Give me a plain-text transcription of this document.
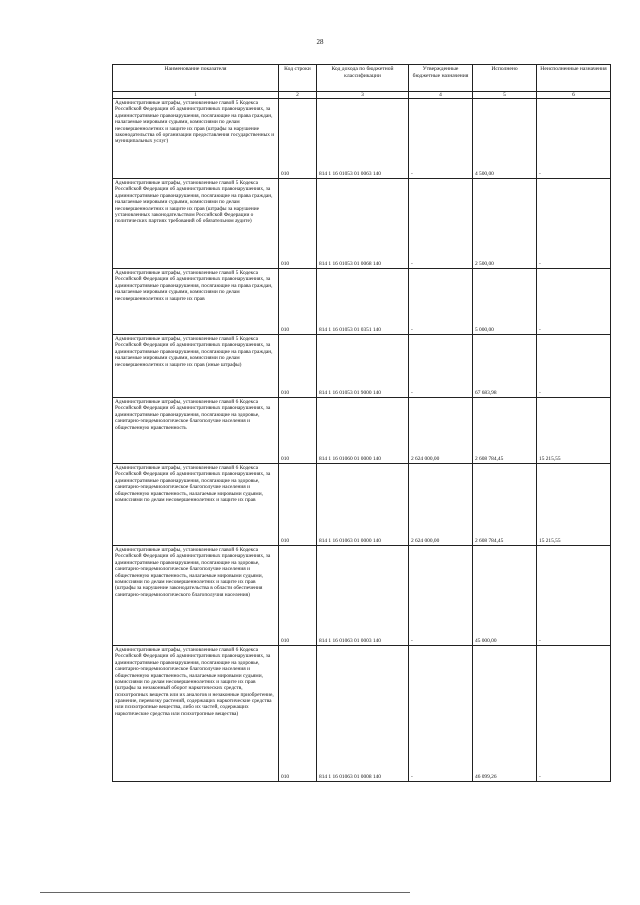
28
Наименование показателя	Код строки	Код дохода по бюджетной классификации	Утвержденные бюджетные назначения	Исполнено	Неисполненные назначения
1	2	3	4	5	6

Административные штрафы, установленные главой 5 Кодекса Российской Федерации об административных правонарушениях, за административные правонарушения, посягающие на права граждан, налагаемые мировыми судьями, комиссиями по делам несовершеннолетних и защите их прав (штрафы за нарушение законодательства об организации предоставления государственных и муниципальных услуг)	010	814 1 16 01053 01 0063 140	-	4 500,00	-

Административные штрафы, установленные главой 5 Кодекса Российской Федерации об административных правонарушениях, за административные правонарушения, посягающие на права граждан, налагаемые мировыми судьями, комиссиями по делам несовершеннолетних и защите их прав (штрафы за нарушение установленных законодательством Российской Федерации о политических партиях требований об обязательном аудите)	010	814 1 16 01053 01 0068 140	-	2 500,00	-

Административные штрафы, установленные главой 5 Кодекса Российской Федерации об административных правонарушениях, за административные правонарушения, посягающие на права граждан, налагаемые мировыми судьями, комиссиями по делам несовершеннолетних и защите их прав	010	814 1 16 01053 01 0351 140	-	5 000,00	-

Административные штрафы, установленные главой 5 Кодекса Российской Федерации об административных правонарушениях, за административные правонарушения, посягающие на права граждан, налагаемые мировыми судьями, комиссиями по делам несовершеннолетних и защите их прав (иные штрафы)	010	814 1 16 01053 01 9000 140	-	67 683,98	-

Административные штрафы, установленные главой 6 Кодекса Российской Федерации об административных правонарушениях, за административные правонарушения, посягающие на здоровье, санитарно-эпидемиологическое благополучие населения и общественную нравственность	010	814 1 16 01060 01 0000 140	2 624 000,00	2 608 784,45	15 215,55

Административные штрафы, установленные главой 6 Кодекса Российской Федерации об административных правонарушениях, за административные правонарушения, посягающие на здоровье, санитарно-эпидемиологическое благополучие населения и общественную нравственность, налагаемые мировыми судьями, комиссиями по делам несовершеннолетних и защите их прав	010	814 1 16 01063 01 0000 140	2 624 000,00	2 608 784,45	15 215,55

Административные штрафы, установленные главой 6 Кодекса Российской Федерации об административных правонарушениях, за административные правонарушения, посягающие на здоровье, санитарно-эпидемиологическое благополучие населения и общественную нравственность, налагаемые мировыми судьями, комиссиями по делам несовершеннолетних и защите их прав (штрафы за нарушение законодательства в области обеспечения санитарно-эпидемиологического благополучия населения)	010	814 1 16 01063 01 0003 140	-	45 000,00	-

Административные штрафы, установленные главой 6 Кодекса Российской Федерации об административных правонарушениях, за административные правонарушения, посягающие на здоровье, санитарно-эпидемиологическое благополучие населения и общественную нравственность, налагаемые мировыми судьями, комиссиями по делам несовершеннолетних и защите их прав (штрафы за незаконный оборот наркотических средств, психотропных веществ или их аналогов и незаконные приобретение, хранение, перевозку растений, содержащих наркотические средства или психотропные вещества, либо их частей, содержащих наркотические средства или психотропные вещества)	010	814 1 16 01063 01 0008 140	-	46 099,26	-
